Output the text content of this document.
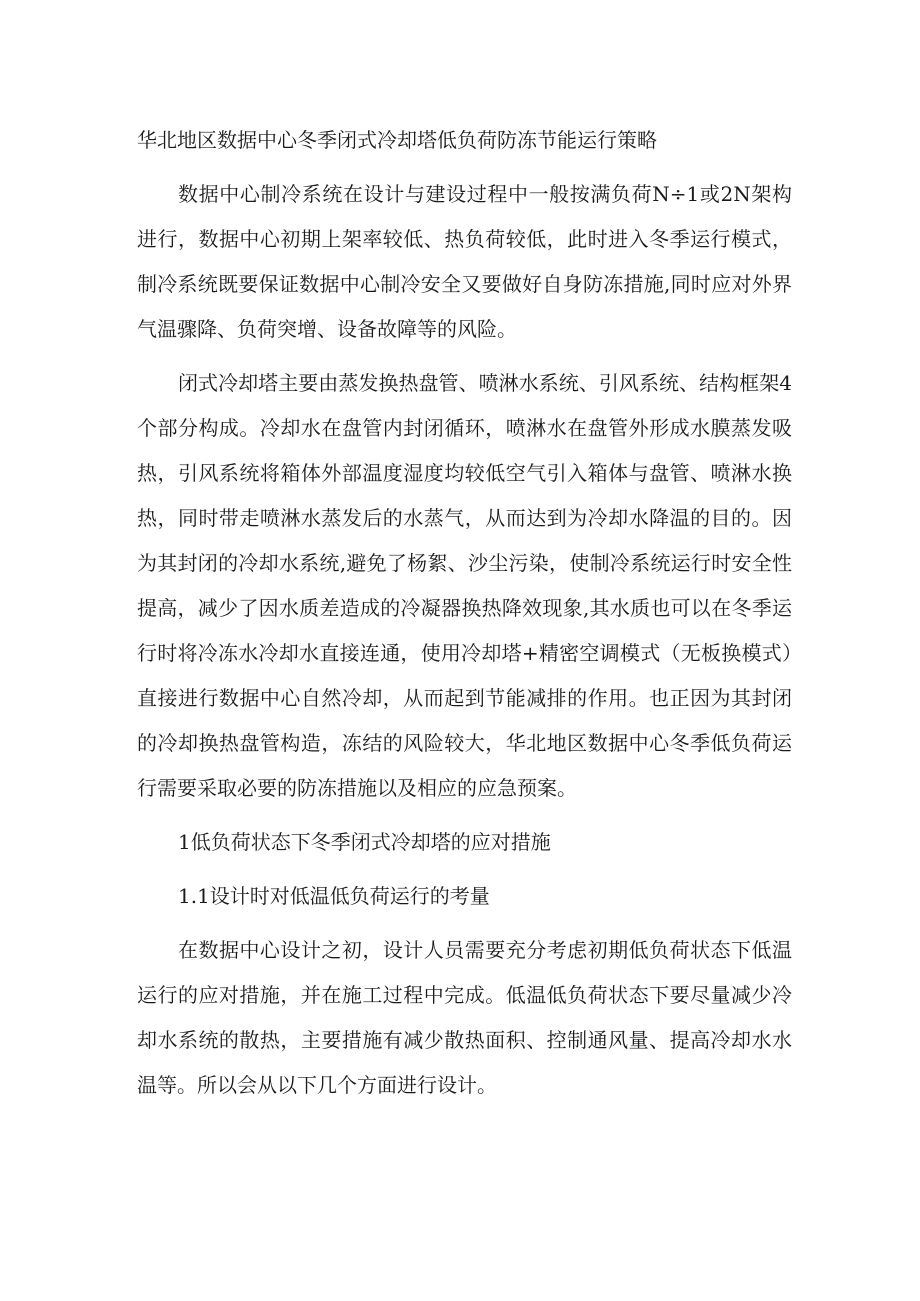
华北地区数据中心冬季闭式冷却塔低负荷防冻节能运行策略

数据中心制冷系统在设计与建设过程中一般按满负荷N÷1或2N架构进行，数据中心初期上架率较低、热负荷较低，此时进入冬季运行模式，制冷系统既要保证数据中心制冷安全又要做好自身防冻措施,同时应对外界气温骤降、负荷突增、设备故障等的风险。

闭式冷却塔主要由蒸发换热盘管、喷淋水系统、引风系统、结构框架4个部分构成。冷却水在盘管内封闭循环，喷淋水在盘管外形成水膜蒸发吸热，引风系统将箱体外部温度湿度均较低空气引入箱体与盘管、喷淋水换热，同时带走喷淋水蒸发后的水蒸气，从而达到为冷却水降温的目的。因为其封闭的冷却水系统,避免了杨絮、沙尘污染，使制冷系统运行时安全性提高，减少了因水质差造成的冷凝器换热降效现象,其水质也可以在冬季运行时将冷冻水冷却水直接连通，使用冷却塔+精密空调模式（无板换模式）直接进行数据中心自然冷却，从而起到节能减排的作用。也正因为其封闭的冷却换热盘管构造，冻结的风险较大，华北地区数据中心冬季低负荷运行需要采取必要的防冻措施以及相应的应急预案。

1低负荷状态下冬季闭式冷却塔的应对措施

1.1设计时对低温低负荷运行的考量

在数据中心设计之初，设计人员需要充分考虑初期低负荷状态下低温运行的应对措施，并在施工过程中完成。低温低负荷状态下要尽量减少冷却水系统的散热，主要措施有减少散热面积、控制通风量、提高冷却水水温等。所以会从以下几个方面进行设计。
